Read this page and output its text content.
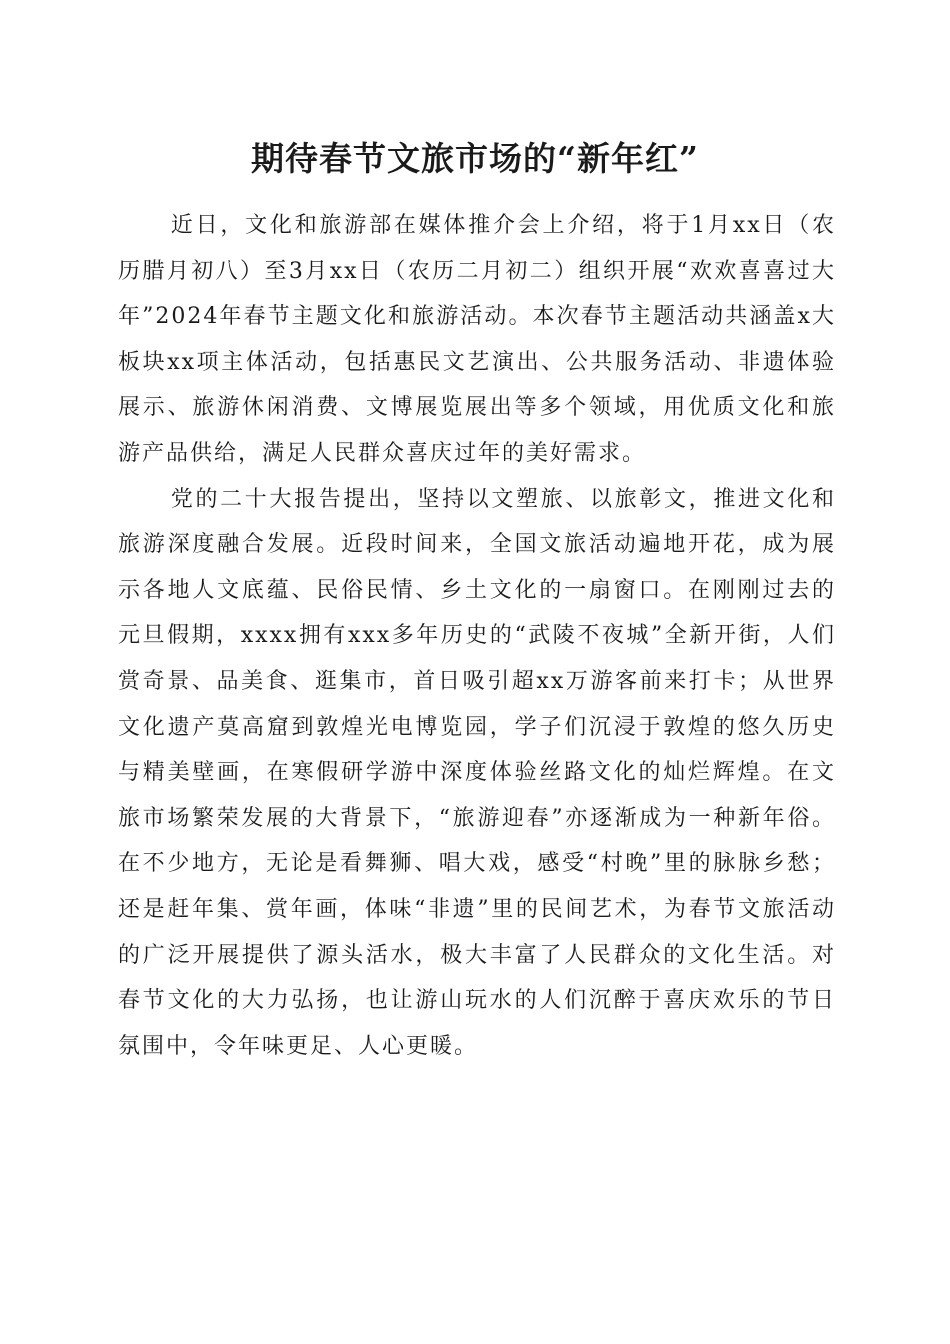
期待春节文旅市场的“新年红”

近日，文化和旅游部在媒体推介会上介绍，将于1月xx日（农历腊月初八）至3月xx日（农历二月初二）组织开展“欢欢喜喜过大年”2024年春节主题文化和旅游活动。本次春节主题活动共涵盖x大板块xx项主体活动，包括惠民文艺演出、公共服务活动、非遗体验展示、旅游休闲消费、文博展览展出等多个领域，用优质文化和旅游产品供给，满足人民群众喜庆过年的美好需求。

党的二十大报告提出，坚持以文塑旅、以旅彰文，推进文化和旅游深度融合发展。近段时间来，全国文旅活动遍地开花，成为展示各地人文底蕴、民俗民情、乡土文化的一扇窗口。在刚刚过去的元旦假期，xxxx拥有xxx多年历史的“武陵不夜城”全新开街，人们赏奇景、品美食、逛集市，首日吸引超xx万游客前来打卡；从世界文化遗产莫高窟到敦煌光电博览园，学子们沉浸于敦煌的悠久历史与精美壁画，在寒假研学游中深度体验丝路文化的灿烂辉煌。在文旅市场繁荣发展的大背景下，“旅游迎春”亦逐渐成为一种新年俗。在不少地方，无论是看舞狮、唱大戏，感受“村晚”里的脉脉乡愁；还是赶年集、赏年画，体味“非遗”里的民间艺术，为春节文旅活动的广泛开展提供了源头活水，极大丰富了人民群众的文化生活。对春节文化的大力弘扬，也让游山玩水的人们沉醉于喜庆欢乐的节日氛围中，令年味更足、人心更暖。
